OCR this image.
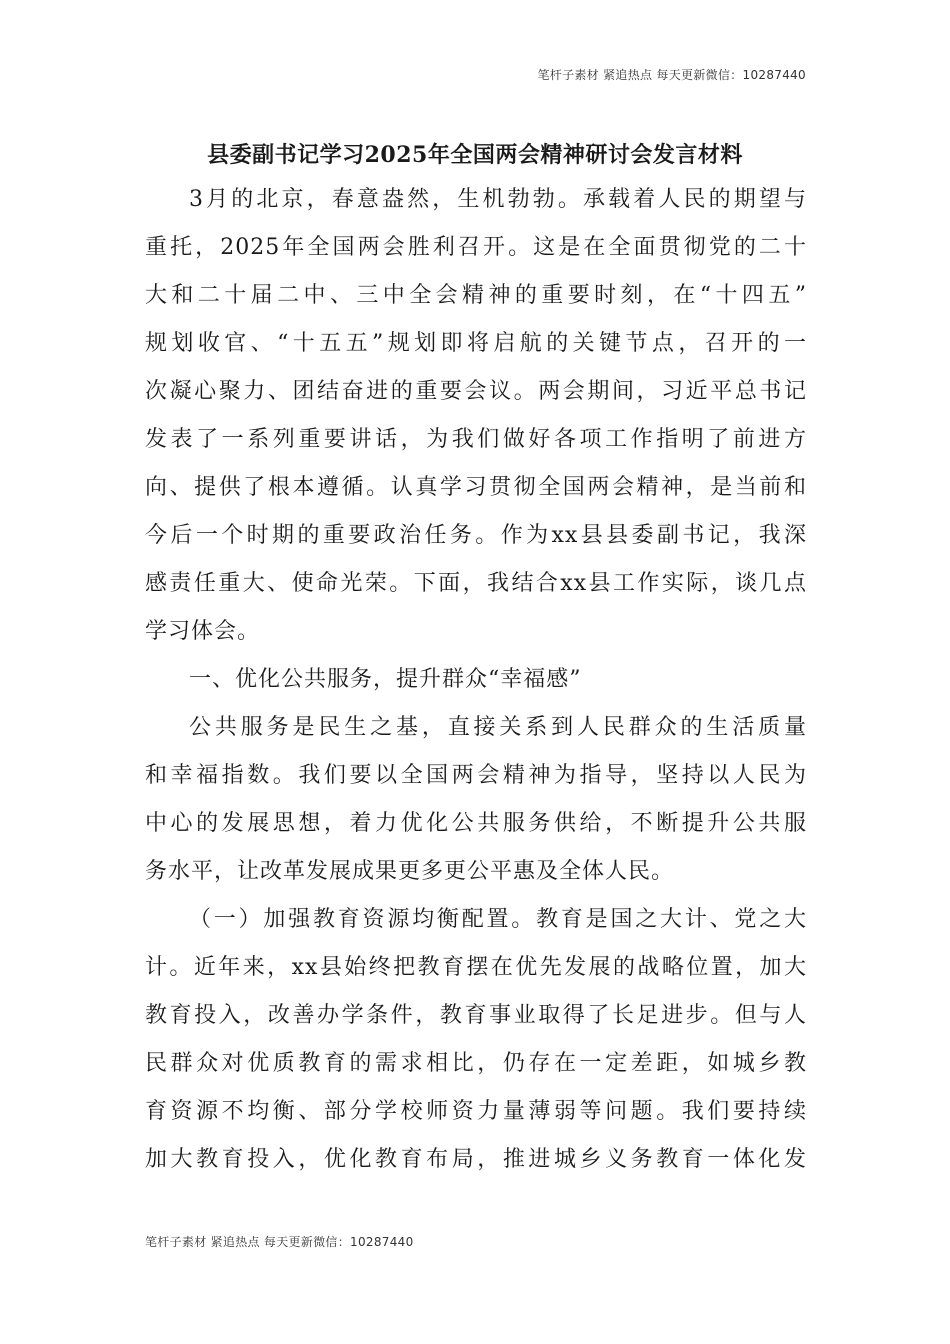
笔杆子素材 紧追热点 每天更新微信：10287440
县委副书记学习2025年全国两会精神研讨会发言材料
3月的北京，春意盎然，生机勃勃。承载着人民的期望与
重托，2025年全国两会胜利召开。这是在全面贯彻党的二十
大和二十届二中、三中全会精神的重要时刻，在“十四五”
规划收官、“十五五”规划即将启航的关键节点，召开的一
次凝心聚力、团结奋进的重要会议。两会期间，习近平总书记
发表了一系列重要讲话，为我们做好各项工作指明了前进方
向、提供了根本遵循。认真学习贯彻全国两会精神，是当前和
今后一个时期的重要政治任务。作为xx县县委副书记，我深
感责任重大、使命光荣。下面，我结合xx县工作实际，谈几点
学习体会。
一、优化公共服务，提升群众“幸福感”
公共服务是民生之基，直接关系到人民群众的生活质量
和幸福指数。我们要以全国两会精神为指导，坚持以人民为
中心的发展思想，着力优化公共服务供给，不断提升公共服
务水平，让改革发展成果更多更公平惠及全体人民。
（一）加强教育资源均衡配置。教育是国之大计、党之大
计。近年来，xx县始终把教育摆在优先发展的战略位置，加大
教育投入，改善办学条件，教育事业取得了长足进步。但与人
民群众对优质教育的需求相比，仍存在一定差距，如城乡教
育资源不均衡、部分学校师资力量薄弱等问题。我们要持续
加大教育投入，优化教育布局，推进城乡义务教育一体化发
笔杆子素材 紧追热点 每天更新微信：10287440
